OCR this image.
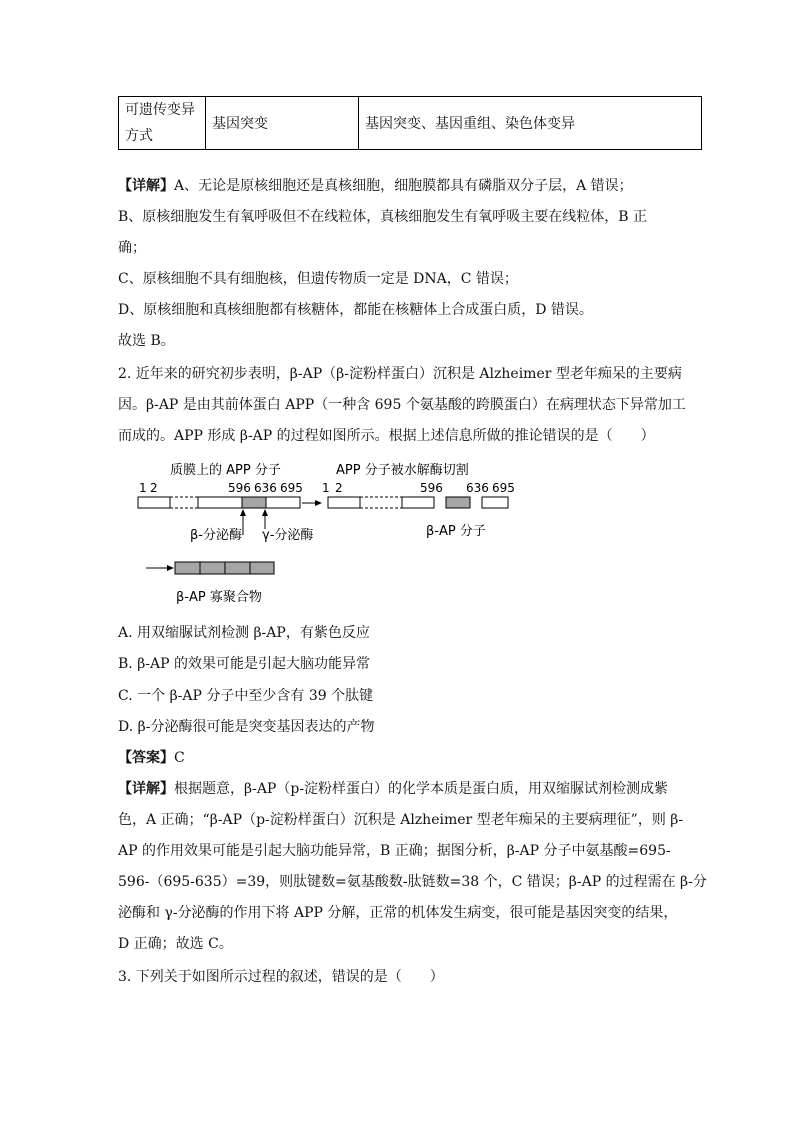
可遗传变异方式	基因突变	基因突变、基因重组、染色体变异
【详解】A、无论是原核细胞还是真核细胞，细胞膜都具有磷脂双分子层，A 错误；
B、原核细胞发生有氧呼吸但不在线粒体，真核细胞发生有氧呼吸主要在线粒体，B 正
确；
C、原核细胞不具有细胞核，但遗传物质一定是 DNA，C 错误；
D、原核细胞和真核细胞都有核糖体，都能在核糖体上合成蛋白质，D 错误。
故选 B。
2. 近年来的研究初步表明，β-AP（β-淀粉样蛋白）沉积是 Alzheimer 型老年痴呆的主要病
因。β-AP 是由其前体蛋白 APP（一种含 695 个氨基酸的跨膜蛋白）在病理状态下异常加工
而成的。APP 形成 β-AP 的过程如图所示。根据上述信息所做的推论错误的是（　　）
质膜上的 APP 分子	APP 分子被水解酶切割
1 2	596 636 695 1 2	596 636 695
β-分泌酶 γ-分泌酶	β-AP 分子
β-AP 寡聚合物
A. 用双缩脲试剂检测 β-AP，有紫色反应
B. β-AP 的效果可能是引起大脑功能异常
C. 一个 β-AP 分子中至少含有 39 个肽键
D. β-分泌酶很可能是突变基因表达的产物
【答案】C
【详解】根据题意，β-AP（p-淀粉样蛋白）的化学本质是蛋白质，用双缩脲试剂检测成紫
色，A 正确；“β-AP（p-淀粉样蛋白）沉积是 Alzheimer 型老年痴呆的主要病理征”，则 β-
AP 的作用效果可能是引起大脑功能异常，B 正确；据图分析，β-AP 分子中氨基酸=695-
596-（695-635）=39，则肽键数=氨基酸数-肽链数=38 个，C 错误；β-AP 的过程需在 β-分
泌酶和 γ-分泌酶的作用下将 APP 分解，正常的机体发生病变，很可能是基因突变的结果，
D 正确；故选 C。
3. 下列关于如图所示过程的叙述，错误的是（　　）
